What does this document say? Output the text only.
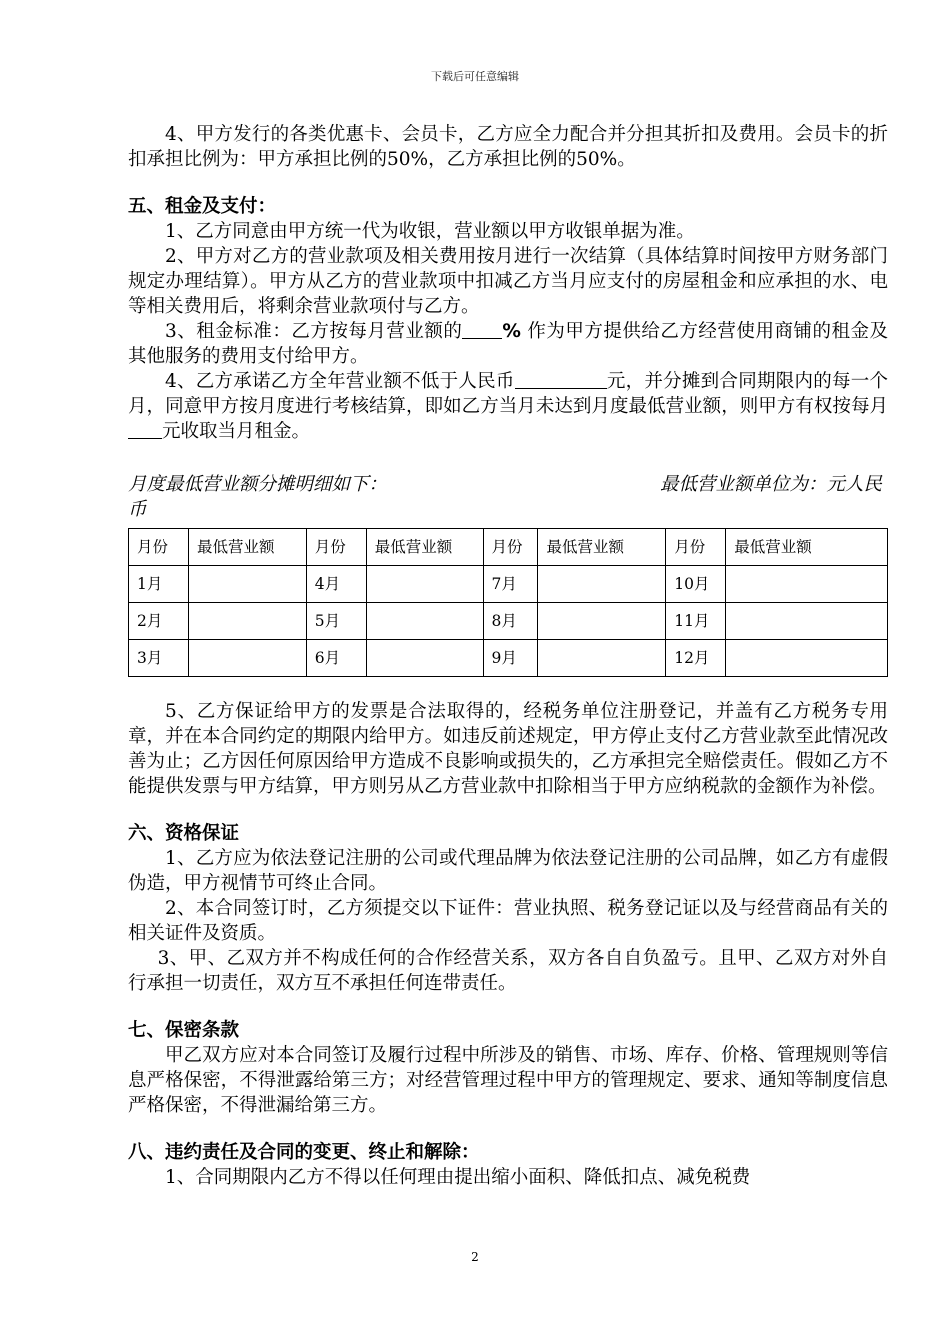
下载后可任意编辑

4、甲方发行的各类优惠卡、会员卡，乙方应全力配合并分担其折扣及费用。会员卡的折扣承担比例为：甲方承担比例的50%，乙方承担比例的50%。

五、租金及支付：

1、乙方同意由甲方统一代为收银，营业额以甲方收银单据为准。

2、甲方对乙方的营业款项及相关费用按月进行一次结算（具体结算时间按甲方财务部门规定办理结算）。甲方从乙方的营业款项中扣减乙方当月应支付的房屋租金和应承担的水、电等相关费用后，将剩余营业款项付与乙方。

3、租金标准：乙方按每月营业额的 % 作为甲方提供给乙方经营使用商铺的租金及其他服务的费用支付给甲方。

4、乙方承诺乙方全年营业额不低于人民币	元，并分摊到合同期限内的每一个月，同意甲方按月度进行考核结算，即如乙方当月未达到月度最低营业额，则甲方有权按每月元收取当月租金。

月度最低营业额分摊明细如下：	最低营业额单位为：元人民
币
月份	最低营业额	月份	最低营业额	月份	最低营业额	月份	最低营业额
1月		4月		7月		10月	
2月		5月		8月		11月	
3月		6月		9月		12月	

5、乙方保证给甲方的发票是合法取得的，经税务单位注册登记，并盖有乙方税务专用章，并在本合同约定的期限内给甲方。如违反前述规定，甲方停止支付乙方营业款至此情况改善为止；乙方因任何原因给甲方造成不良影响或损失的，乙方承担完全赔偿责任。假如乙方不能提供发票与甲方结算，甲方则另从乙方营业款中扣除相当于甲方应纳税款的金额作为补偿。

六、资格保证

1、乙方应为依法登记注册的公司或代理品牌为依法登记注册的公司品牌，如乙方有虚假伪造，甲方视情节可终止合同。

2、本合同签订时，乙方须提交以下证件：营业执照、税务登记证以及与经营商品有关的相关证件及资质。

3、甲、乙双方并不构成任何的合作经营关系，双方各自自负盈亏。且甲、乙双方对外自行承担一切责任，双方互不承担任何连带责任。

七、保密条款

甲乙双方应对本合同签订及履行过程中所涉及的销售、市场、库存、价格、管理规则等信息严格保密，不得泄露给第三方；对经营管理过程中甲方的管理规定、要求、通知等制度信息严格保密，不得泄漏给第三方。

八、违约责任及合同的变更、终止和解除：

1、合同期限内乙方不得以任何理由提出缩小面积、降低扣点、减免税费

2
